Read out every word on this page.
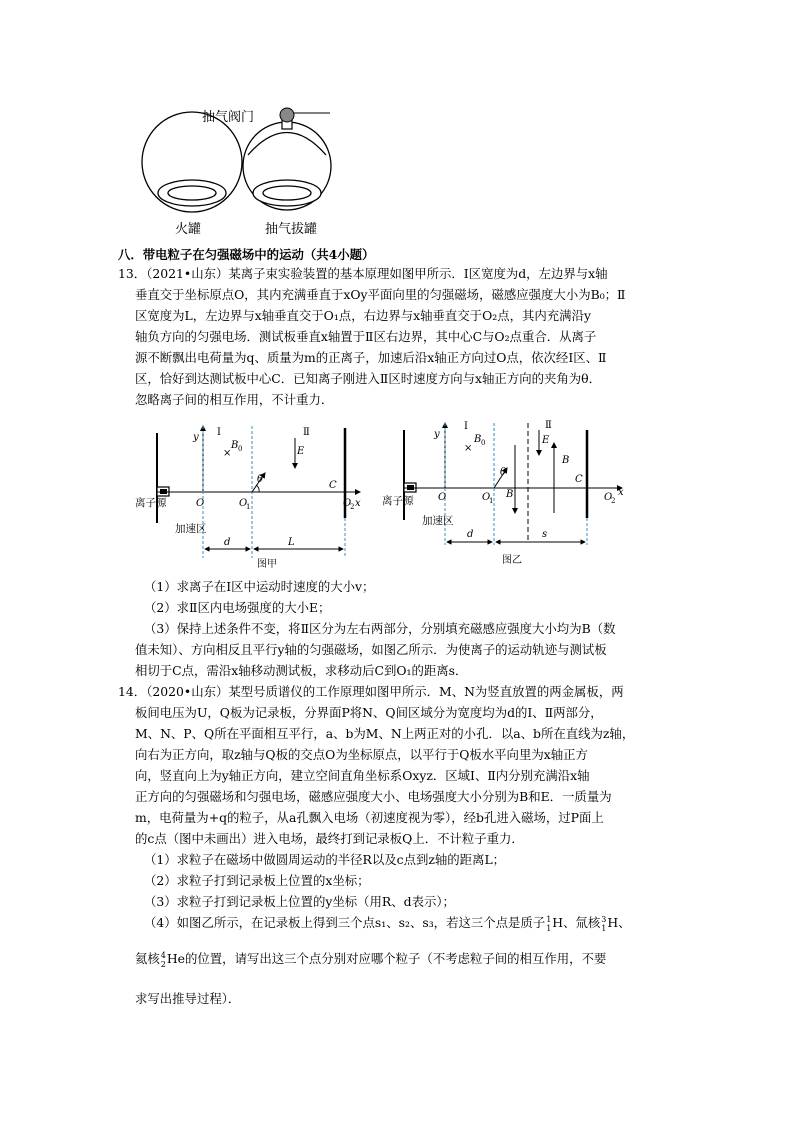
抽气阀门
火罐	抽气拔罐
八．带电粒子在匀强磁场中的运动（共4小题）
13．（2021•山东）某离子束实验装置的基本原理如图甲所示．Ⅰ区宽度为d，左边界与x轴
垂直交于坐标原点O，其内充满垂直于xOy平面向里的匀强磁场，磁感应强度大小为B₀；Ⅱ
区宽度为L，左边界与x轴垂直交于O₁点，右边界与x轴垂直交于O₂点，其内充满沿y
轴负方向的匀强电场．测试板垂直x轴置于Ⅱ区右边界，其中心C与O₂点重合．从离子
源不断飘出电荷量为q、质量为m的正离子，加速后沿x轴正方向过O点，依次经Ⅰ区、Ⅱ
区，恰好到达测试板中心C．已知离子刚进入Ⅱ区时速度方向与x轴正方向的夹角为θ．
忽略离子间的相互作用，不计重力．
y Ⅰ
×
B 0
Ⅱ
E
θ
C
O	O
1	O
2 x
离子源
加速区
d	L
图甲
y
Ⅰ
×
B 0
Ⅱ
E
B
B
θ
C
O	O
1	O
2
x
离子源
加速区
d	s
图乙
（1）求离子在Ⅰ区中运动时速度的大小v；
（2）求Ⅱ区内电场强度的大小E；
（3）保持上述条件不变，将Ⅱ区分为左右两部分，分别填充磁感应强度大小均为B（数
值未知）、方向相反且平行y轴的匀强磁场，如图乙所示．为使离子的运动轨迹与测试板
相切于C点，需沿x轴移动测试板，求移动后C到O₁的距离s．
14．（2020•山东）某型号质谱仪的工作原理如图甲所示．M、N为竖直放置的两金属板，两
板间电压为U，Q板为记录板，分界面P将N、Q间区域分为宽度均为d的Ⅰ、Ⅱ两部分，
M、N、P、Q所在平面相互平行，a、b为M、N上两正对的小孔．以a、b所在直线为z轴，
向右为正方向，取z轴与Q板的交点O为坐标原点，以平行于Q板水平向里为x轴正方
向，竖直向上为y轴正方向，建立空间直角坐标系Oxyz．区域Ⅰ、Ⅱ内分别充满沿x轴
正方向的匀强磁场和匀强电场，磁感应强度大小、电场强度大小分别为B和E．一质量为
m，电荷量为+q的粒子，从a孔飘入电场（初速度视为零），经b孔进入磁场，过P面上
的c点（图中未画出）进入电场，最终打到记录板Q上．不计粒子重力．
（1）求粒子在磁场中做圆周运动的半径R以及c点到z轴的距离L；
（2）求粒子打到记录板上位置的x坐标；
（3）求粒子打到记录板上位置的y坐标（用R、d表示）；
（4）如图乙所示，在记录板上得到三个点s₁、s₂、s₃，若这三个点是质子 1
1 H、氚核 3
1 H、
氦核 4
2 He的位置，请写出这三个点分别对应哪个粒子（不考虑粒子间的相互作用，不要
求写出推导过程）．
